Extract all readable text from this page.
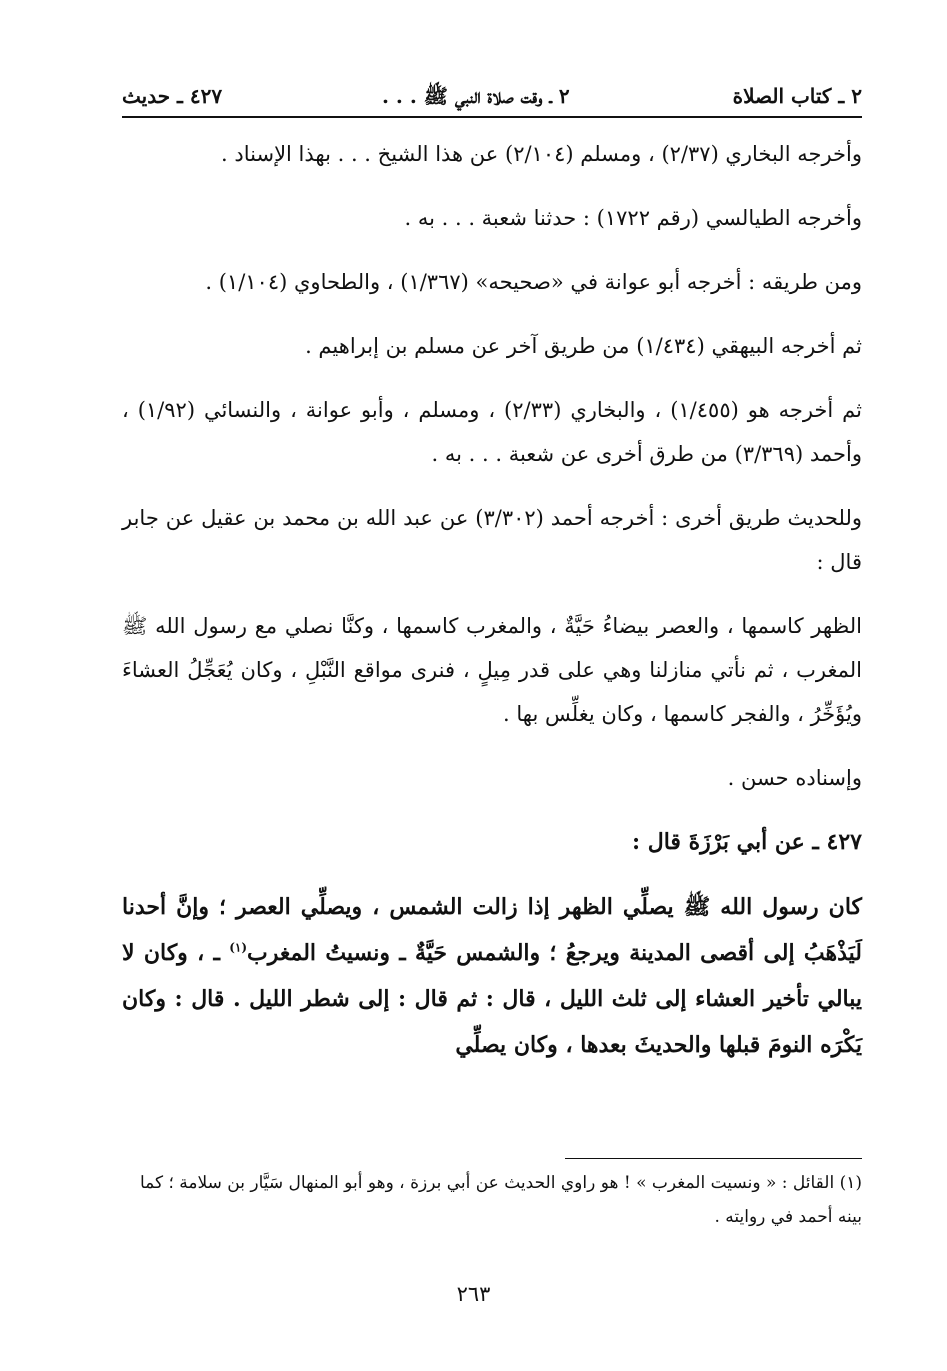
٢ ـ كتاب الصلاة
٢ ـ وقت صلاة النبي ﷺ . . .
٤٢٧ ـ حديث

وأخرجه البخاري (٢/٣٧) ، ومسلم (٢/١٠٤) عن هذا الشيخ . . . بهذا الإسناد .

وأخرجه الطيالسي (رقم ١٧٢٢) : حدثنا شعبة . . . به .

ومن طريقه : أخرجه أبو عوانة في «صحيحه» (١/٣٦٧) ، والطحاوي (١/١٠٤) .

ثم أخرجه البيهقي (١/٤٣٤) من طريق آخر عن مسلم بن إبراهيم .

ثم أخرجه هو (١/٤٥٥) ، والبخاري (٢/٣٣) ، ومسلم ، وأبو عوانة ، والنسائي (١/٩٢) ، وأحمد (٣/٣٦٩) من طرق أخرى عن شعبة . . . به .

وللحديث طريق أخرى : أخرجه أحمد (٣/٣٠٢) عن عبد الله بن محمد بن عقيل عن جابر قال :

الظهر كاسمها ، والعصر بيضاءُ حَيَّةٌ ، والمغرب كاسمها ، وكنَّا نصلي مع رسول الله ﷺ المغرب ، ثم نأتي منازلنا وهي على قدر مِيلٍ ، فنرى مواقع النَّبْلِ ، وكان يُعَجِّلُ العشاءَ ويُؤَخِّرُ ، والفجر كاسمها ، وكان يغلِّس بها .

وإسناده حسن .

٤٢٧ ـ عن أبي بَرْزَةَ قال :

كان رسول الله ﷺ يصلِّي الظهر إذا زالت الشمس ، ويصلِّي العصر ؛ وإنَّ أحدنا لَيَذْهَبُ إلى أقصى المدينة ويرجعُ ؛ والشمس حَيَّةٌ ـ ونسيتُ المغرب$^{(١)}$ ـ ، وكان لا يبالي تأخير العشاء إلى ثلث الليل ، قال : ثم قال : إلى شطر الليل . قال : وكان يَكْرَه النومَ قبلها والحديثَ بعدها ، وكان يصلِّي

(١) القائل : « ونسيت المغرب » ! هو راوي الحديث عن أبي برزة ، وهو أبو المنهال سَيَّار بن سلامة ؛ كما بينه أحمد في روايته .
٢٦٣
